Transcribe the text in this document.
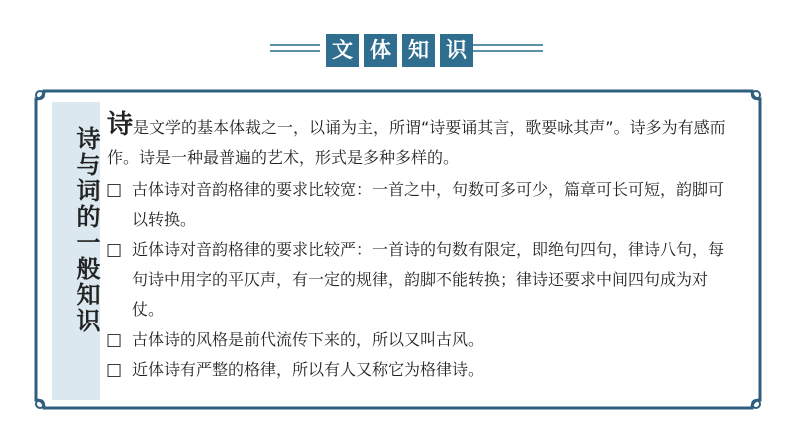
文 体 知 识
诗与词的一般知识

诗是文学的基本体裁之一，以诵为主，所谓“诗要诵其言，歌要咏其声”。诗多为有感而作。诗是一种最普遍的艺术，形式是多种多样的。

□ 古体诗对音韵格律的要求比较宽：一首之中，句数可多可少，篇章可长可短，韵脚可以转换。
□ 近体诗对音韵格律的要求比较严：一首诗的句数有限定，即绝句四句，律诗八句，每句诗中用字的平仄声，有一定的规律，韵脚不能转换；律诗还要求中间四句成为对仗。
□ 古体诗的风格是前代流传下来的，所以又叫古风。
□ 近体诗有严整的格律，所以有人又称它为格律诗。
